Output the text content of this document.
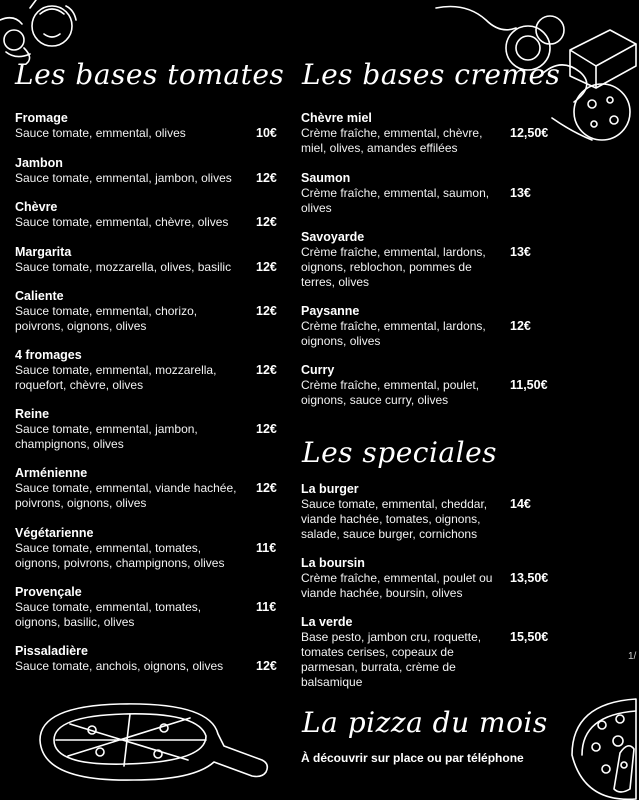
Les bases tomates
Fromage
Sauce tomate, emmental, olives	10€
Jambon
Sauce tomate, emmental, jambon, olives	12€
Chèvre
Sauce tomate, emmental, chèvre, olives	12€
Margarita
Sauce tomate, mozzarella, olives, basilic	12€
Caliente
Sauce tomate, emmental, chorizo, poivrons, oignons, olives
12€
4 fromages
Sauce tomate, emmental, mozzarella, roquefort, chèvre, olives
12€
Reine
Sauce tomate, emmental, jambon, champignons, olives
12€
Arménienne
Sauce tomate, emmental, viande hachée, poivrons, oignons, olives
12€
Végétarienne
Sauce tomate, emmental, tomates, oignons, poivrons, champignons, olives
11€
Provençale
Sauce tomate, emmental, tomates, oignons, basilic, olives
11€
Pissaladière
Sauce tomate, anchois, oignons, olives	12€
Les bases cremes
Chèvre miel
Crème fraîche, emmental, chèvre, miel, olives, amandes effilées
12,50€
Saumon
Crème fraîche, emmental, saumon, olives
13€
Savoyarde
Crème fraîche, emmental, lardons, oignons, reblochon, pommes de terres, olives
13€
Paysanne
Crème fraîche, emmental, lardons, oignons, olives
12€
Curry
Crème fraîche, emmental, poulet, oignons, sauce curry, olives
11,50€
Les speciales
La burger
Sauce tomate, emmental, cheddar, viande hachée, tomates, oignons, salade, sauce burger, cornichons
14€
La boursin
Crème fraîche, emmental, poulet ou viande hachée, boursin, olives
13,50€
La verde
Base pesto, jambon cru, roquette, tomates cerises, copeaux de parmesan, burrata, crème de balsamique
15,50€
La pizza du mois
À découvrir sur place ou par téléphone
1/
